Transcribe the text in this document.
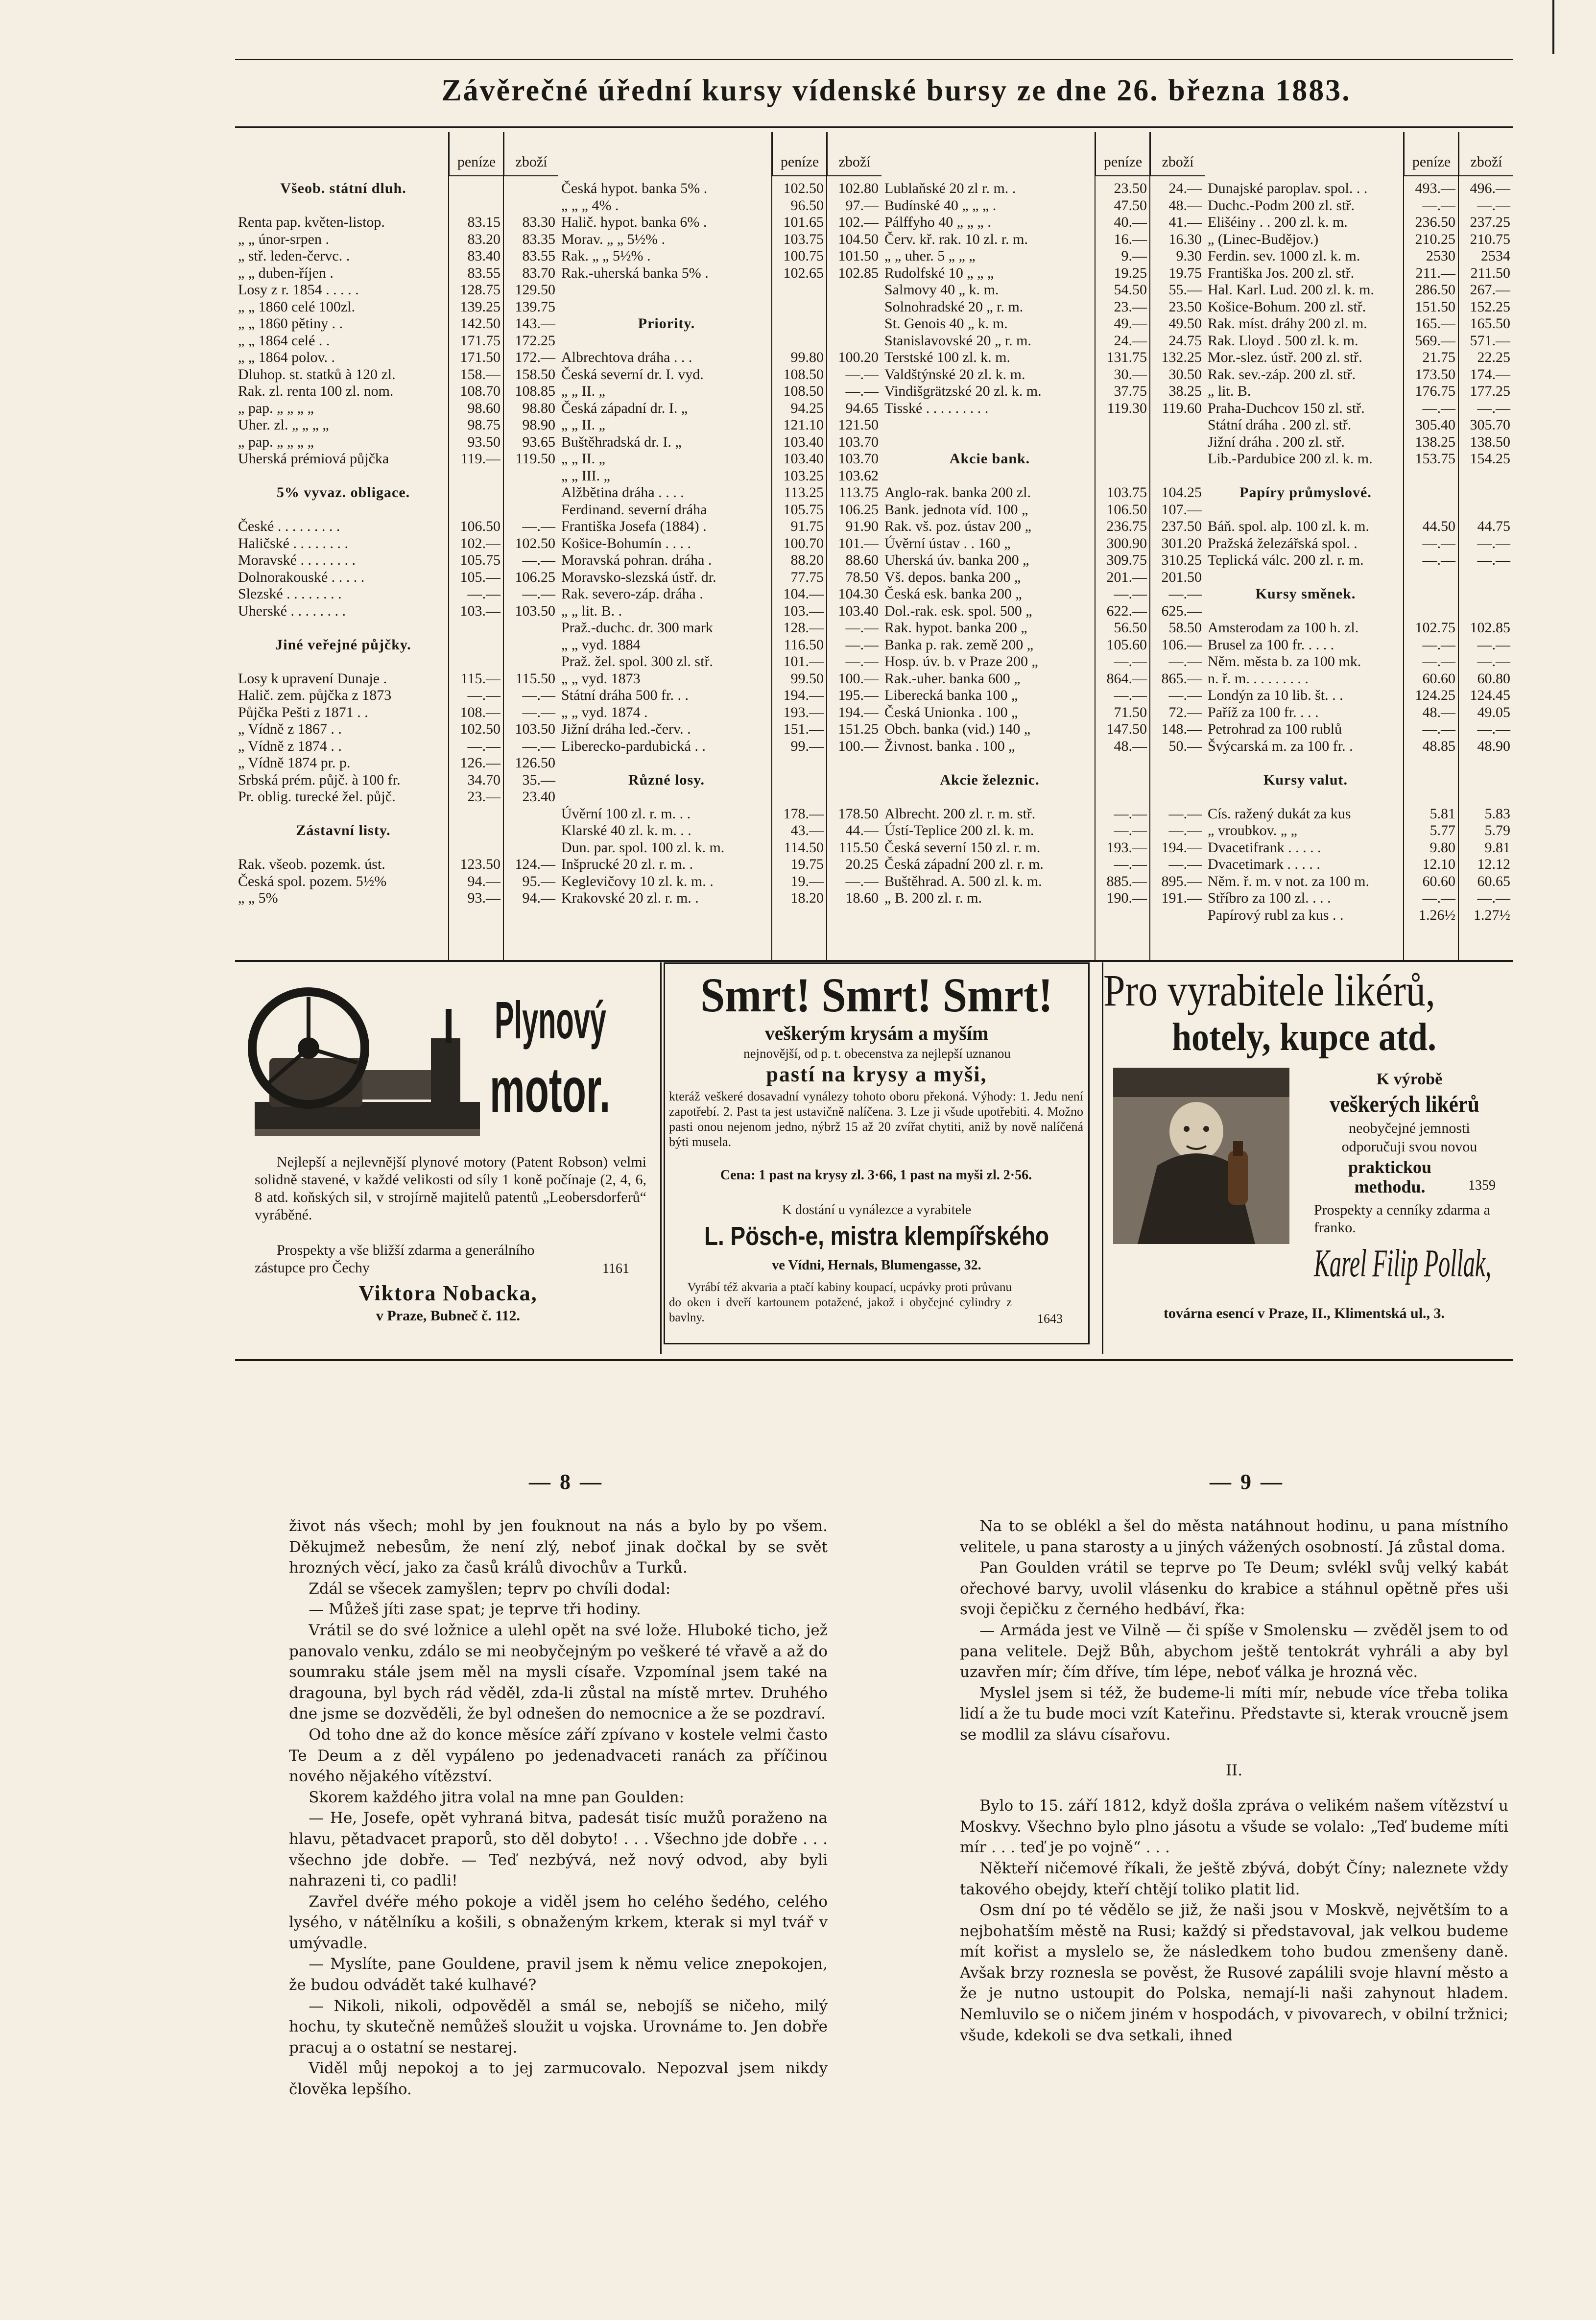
Závěrečné úřední kursy vídenské bursy ze dne 26. března 1883.
peníze	zboží
Všeob. státní dluh.
Renta pap. květen-listop.	83.15	83.30
„ „ únor-srpen .	83.20	83.35
„ stř. leden-červc. .	83.40	83.55
„ „ duben-říjen .	83.55	83.70
Losy z r. 1854 . . . . .	128.75 129.50
„ „ 1860 celé 100zl.	139.25 139.75
„ „ 1860 pětiny . .	142.50 143.—
„ „ 1864 celé . .	171.75 172.25
„ „ 1864 polov. .	171.50 172.—
Dluhop. st. statků à 120 zl.	158.— 158.50
Rak. zl. renta 100 zl. nom.	108.70 108.85
„ pap. „ „ „ „	98.60	98.80
Uher. zl. „ „ „ „	98.75	98.90
„ pap. „ „ „ „	93.50	93.65
Uherská prémiová půjčka	119.—	119.50
5% vyvaz. obligace.
České . . . . . . . . .	106.50	—.—
Haličské . . . . . . . .	102.— 102.50
Moravské . . . . . . . .	105.75	—.—
Dolnorakouské . . . . .	105.— 106.25
Slezské . . . . . . . .	—.—	—.—
Uherské . . . . . . . .	103.— 103.50
Jiné veřejné půjčky.
Losy k upravení Dunaje .	115.—	115.50
Halič. zem. půjčka z 1873	—.—	—.—
Půjčka Pešti z 1871 . .	108.—	—.—
„ Vídně z 1867 . .	102.50 103.50
„ Vídně z 1874 . .	—.—	—.—
„ Vídně 1874 pr. p.	126.— 126.50
Srbská prém. půjč. à 100 fr.	34.70	35.—
Pr. oblig. turecké žel. půjč.	23.—	23.40
Zástavní listy.
Rak. všeob. pozemk. úst.	123.50 124.—
Česká spol. pozem. 5½%	94.—	95.—
„ „ 5%	93.—	94.—
peníze	zboží
Česká hypot. banka 5% .	102.50 102.80
„ „ „ 4% .	96.50	97.—
Halič. hypot. banka 6% .	101.65 102.—
Morav. „ „ 5½% .	103.75 104.50
Rak. „ „ 5½% .	100.75 101.50
Rak.-uherská banka 5% .	102.65 102.85
Priority.
Albrechtova dráha . . .	99.80 100.20
Česká severní dr. I. vyd.	108.50	—.—
„ „ II. „	108.50	—.—
Česká západní dr. I. „	94.25	94.65
„ „ II. „	121.10 121.50
Buštěhradská dr. I. „	103.40 103.70
„ „ II. „	103.40 103.70
„ „ III. „	103.25 103.62
Alžbětina dráha . . . .	113.25	113.75
Ferdinand. severní dráha	105.75 106.25
Františka Josefa (1884) .	91.75	91.90
Košice-Bohumín . . . .	100.70 101.—
Moravská pohran. dráha .	88.20	88.60
Moravsko-slezská ústř. dr.	77.75	78.50
Rak. severo-záp. dráha .	104.— 104.30
„ „ lit. B. .	103.— 103.40
Praž.-duchc. dr. 300 mark	128.—	—.—
„ „ vyd. 1884	116.50	—.—
Praž. žel. spol. 300 zl. stř.	101.—	—.—
„ „ vyd. 1873	99.50 100.—
Státní dráha 500 fr. . .	194.— 195.—
„ „ vyd. 1874 .	193.— 194.—
Jižní dráha led.-červ. .	151.— 151.25
Liberecko-pardubická . .	99.— 100.—
Různé losy.
Úvěrní 100 zl. r. m. . .	178.— 178.50
Klarské 40 zl. k. m. . .	43.—	44.—
Dun. par. spol. 100 zl. k. m.	114.50	115.50
Inšprucké 20 zl. r. m. .	19.75	20.25
Keglevičovy 10 zl. k. m. .	19.—	—.—
Krakovské 20 zl. r. m. .	18.20	18.60
peníze	zboží
Lublaňské 20 zl r. m. .	23.50	24.—
Budínské 40 „ „ „ .	47.50	48.—
Pálffyho 40 „ „ „ .	40.—	41.—
Červ. kř. rak. 10 zl. r. m.	16.—	16.30
„ „ uher. 5 „ „ „	9.—	9.30
Rudolfské 10 „ „ „	19.25	19.75
Salmovy 40 „ k. m.	54.50	55.—
Solnohradské 20 „ r. m.	23.—	23.50
St. Genois 40 „ k. m.	49.—	49.50
Stanislavovské 20 „ r. m.	24.—	24.75
Terstské 100 zl. k. m.	131.75 132.25
Valdštýnské 20 zl. k. m.	30.—	30.50
Vindišgrätzské 20 zl. k. m.	37.75	38.25
Tisské . . . . . . . . .	119.30	119.60
Akcie bank.
Anglo-rak. banka 200 zl.	103.75 104.25
Bank. jednota víd. 100 „	106.50 107.—
Rak. vš. poz. ústav 200 „	236.75 237.50
Úvěrní ústav . . 160 „	300.90 301.20
Uherská úv. banka 200 „	309.75 310.25
Vš. depos. banka 200 „	201.— 201.50
Česká esk. banka 200 „	—.—	—.—
Dol.-rak. esk. spol. 500 „	622.— 625.—
Rak. hypot. banka 200 „	56.50	58.50
Banka p. rak. země 200 „	105.60 106.—
Hosp. úv. b. v Praze 200 „	—.—	—.—
Rak.-uher. banka 600 „	864.— 865.—
Liberecká banka 100 „	—.—	—.—
Česká Unionka . 100 „	71.50	72.—
Obch. banka (vid.) 140 „	147.50 148.—
Živnost. banka . 100 „	48.—	50.—
Akcie železnic.
Albrecht. 200 zl. r. m. stř.	—.—	—.—
Ústí-Teplice 200 zl. k. m.	—.—	—.—
Česká severní 150 zl. r. m.	193.— 194.—
Česká západní 200 zl. r. m.	—.—	—.—
Buštěhrad. A. 500 zl. k. m.	885.— 895.—
„ B. 200 zl. r. m.	190.— 191.—
peníze	zboží
Dunajské paroplav. spol. . .	493.— 496.—
Duchc.-Podm 200 zl. stř.	—.—	—.—
Elišéiny . . 200 zl. k. m.	236.50 237.25
„ (Linec-Budějov.)	210.25 210.75
Ferdin. sev. 1000 zl. k. m.	2530	2534
Františka Jos. 200 zl. stř.	211.—	211.50
Hal. Karl. Lud. 200 zl. k. m.	286.50 267.—
Košice-Bohum. 200 zl. stř.	151.50 152.25
Rak. míst. dráhy 200 zl. m.	165.— 165.50
Rak. Lloyd . 500 zl. k. m.	569.— 571.—
Mor.-slez. ústř. 200 zl. stř.	21.75	22.25
Rak. sev.-záp. 200 zl. stř.	173.50 174.—
„ lit. B.	176.75 177.25
Praha-Duchcov 150 zl. stř.	—.—	—.—
Státní dráha . 200 zl. stř.	305.40 305.70
Jižní dráha . 200 zl. stř.	138.25 138.50
Lib.-Pardubice 200 zl. k. m.	153.75 154.25
Papíry průmyslové.
Báň. spol. alp. 100 zl. k. m.	44.50	44.75
Pražská železářská spol. .	—.—	—.—
Teplická válc. 200 zl. r. m.	—.—	—.—
Kursy směnek.
Amsterodam za 100 h. zl.	102.75 102.85
Brusel za 100 fr. . . . .	—.—	—.—
Něm. města b. za 100 mk.	—.—	—.—
n. ř. m. . . . . . . . .	60.60	60.80
Londýn za 10 lib. št. . .	124.25 124.45
Paříž za 100 fr. . . .	48.—	49.05
Petrohrad za 100 rublů	—.—	—.—
Švýcarská m. za 100 fr. .	48.85	48.90
Kursy valut.
Cís. ražený dukát za kus	5.81	5.83
„ vroubkov. „ „	5.77	5.79
Dvacetifrank . . . . .	9.80	9.81
Dvacetimark . . . . .	12.10	12.12
Něm. ř. m. v not. za 100 m.	60.60	60.65
Stříbro za 100 zl. . . .	—.—	—.—
Papírový rubl za kus . .	1.26½	1.27½
Plynový
motor.
Nejlepší a nejlevnější plynové motory (Patent Robson) velmi solidně stavené, v každé velikosti od síly 1 koně počínaje (2, 4, 6, 8 atd. koňských sil, v strojírně majitelů patentů „Leobersdorferů“ vyráběné.
Prospekty a vše bližší zdarma a generálního zástupce pro Čechy	1161
Viktora Nobacka,
v Praze, Bubneč č. 112.
Smrt! Smrt! Smrt!
veškerým krysám a myším
nejnovější, od p. t. obecenstva za nejlepší uznanou
pastí na krysy a myši,
kteráž veškeré dosavadní vynálezy tohoto oboru překoná. Výhody: 1. Jedu není zapotřebí. 2. Past ta jest ustavičně nalíčena. 3. Lze ji všude upotřebiti. 4. Možno pasti onou nejenom jedno, nýbrž 15 až 20 zvířat chytiti, aniž by nově nalíčená býti musela.
Cena: 1 past na krysy zl. 3·66, 1 past na myši zl. 2·56.
K dostání u vynálezce a vyrabitele
L. Pösch-e, mistra klempířského
ve Vídni, Hernals, Blumengasse, 32.
Vyrábí též akvaria a ptačí kabiny koupací, ucpávky proti průvanu do oken i dveří kartounem potažené, jakož i obyčejné cylindry z bavlny.	1643
Pro vyrabitele likérů,
hotely, kupce atd.
K výrobě
veškerých likérů
neobyčejné jemnosti
odporučuji svou novou
praktickou methodu.	1359
Prospekty a cenníky zdarma a franko.
Karel Filip Pollak,
továrna esencí v Praze, II., Klimentská ul., 3.
— 8 —	— 9 —

život nás všech; mohl by jen fouknout na nás a bylo by po všem. Děkujmež nebesům, že není zlý, neboť jinak dočkal by se svět hrozných věcí, jako za časů králů divochův a Turků.

Zdál se všecek zamyšlen; teprv po chvíli dodal:

— Můžeš jíti zase spat; je teprve tři hodiny.

Vrátil se do své ložnice a ulehl opět na své lože. Hluboké ticho, jež panovalo venku, zdálo se mi neobyčejným po veškeré té vřavě a až do soumraku stále jsem měl na mysli císaře. Vzpomínal jsem také na dragouna, byl bych rád věděl, zda-li zůstal na místě mrtev. Druhého dne jsme se dozvěděli, že byl odnešen do nemocnice a že se pozdraví.

Od toho dne až do konce měsíce září zpívano v kostele velmi často Te Deum a z děl vypáleno po jedenadvaceti ranách za příčinou nového nějakého vítězství.

Skorem každého jitra volal na mne pan Goulden:

— He, Josefe, opět vyhraná bitva, padesát tisíc mužů poraženo na hlavu, pětadvacet praporů, sto děl dobyto! . . . Všechno jde dobře . . . všechno jde dobře. — Teď nezbývá, než nový odvod, aby byli nahrazeni ti, co padli!

Zavřel dvéře mého pokoje a viděl jsem ho celého šedého, celého lysého, v nátělníku a košili, s obnaženým krkem, kterak si myl tvář v umývadle.

— Myslíte, pane Gouldene, pravil jsem k němu velice znepokojen, že budou odvádět také kulhavé?

— Nikoli, nikoli, odpověděl a smál se, nebojíš se ničeho, milý hochu, ty skutečně nemůžeš sloužit u vojska. Urovnáme to. Jen dobře pracuj a o ostatní se nestarej.

Viděl můj nepokoj a to jej zarmucovalo. Nepozval jsem nikdy člověka lepšího.

Na to se oblékl a šel do města natáhnout hodinu, u pana místního velitele, u pana starosty a u jiných vážených osobností. Já zůstal doma.

Pan Goulden vrátil se teprve po Te Deum; svlékl svůj velký kabát ořechové barvy, uvolil vlásenku do krabice a stáhnul opětně přes uši svoji čepičku z černého hedbáví, řka:

— Armáda jest ve Vilně — či spíše v Smolensku — zvěděl jsem to od pana velitele. Dejž Bůh, abychom ještě tentokrát vyhráli a aby byl uzavřen mír; čím dříve, tím lépe, neboť válka je hrozná věc.

Myslel jsem si též, že budeme-li míti mír, nebude více třeba tolika lidí a že tu bude moci vzít Kateřinu. Představte si, kterak vroucně jsem se modlil za slávu císařovu.

II.

Bylo to 15. září 1812, když došla zpráva o velikém našem vítězství u Moskvy. Všechno bylo plno jásotu a všude se volalo: „Teď budeme míti mír . . . teď je po vojně“ . . .

Někteří ničemové říkali, že ještě zbývá, dobýt Číny; naleznete vždy takového obejdy, kteří chtějí toliko platit lid.

Osm dní po té vědělo se již, že naši jsou v Moskvě, největším to a nejbohatším městě na Rusi; každý si představoval, jak velkou budeme mít kořist a myslelo se, že následkem toho budou zmenšeny daně. Avšak brzy roznesla se pověst, že Rusové zapálili svoje hlavní město a že je nutno ustoupit do Polska, nemají-li naši zahynout hladem. Nemluvilo se o ničem jiném v hospodách, v pivovarech, v obilní tržnici; všude, kdekoli se dva setkali, ihned
